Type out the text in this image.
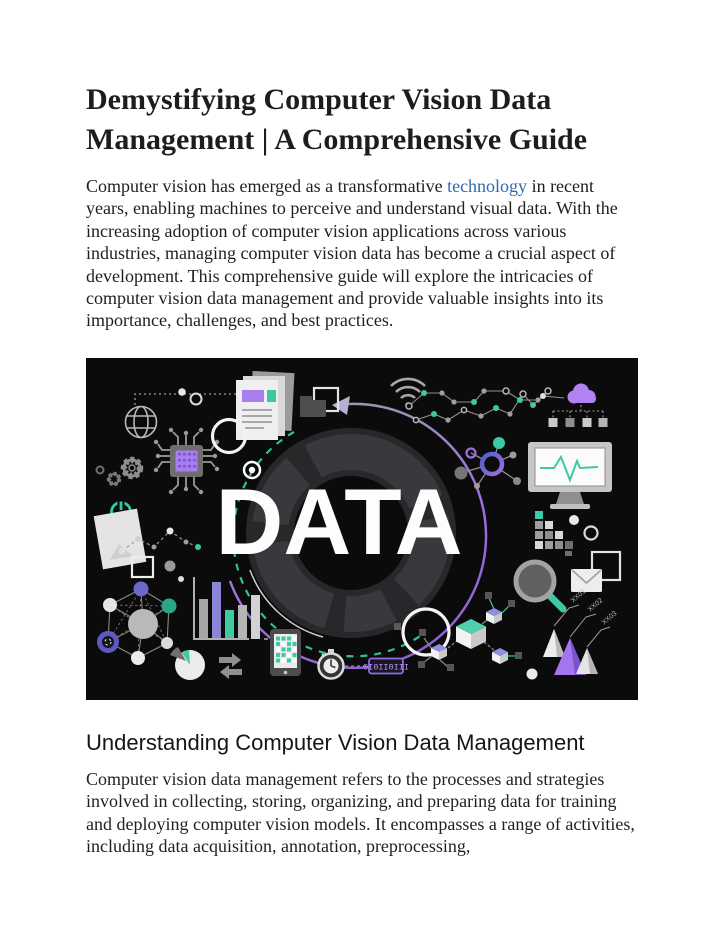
Demystifying Computer Vision Data Management | A Comprehensive Guide

Computer vision has emerged as a transformative technology in recent years, enabling machines to perceive and understand visual data. With the increasing adoption of computer vision applications across various industries, managing computer vision data has become a crucial aspect of development. This comprehensive guide will explore the intricacies of computer vision data management and provide valuable insights into its importance, challenges, and best practices.

0I0II0III
XX01
XX02
XX03
DATA
Understanding Computer Vision Data Management

Computer vision data management refers to the processes and strategies involved in collecting, storing, organizing, and preparing data for training and deploying computer vision models. It encompasses a range of activities, including data acquisition, annotation, preprocessing,
